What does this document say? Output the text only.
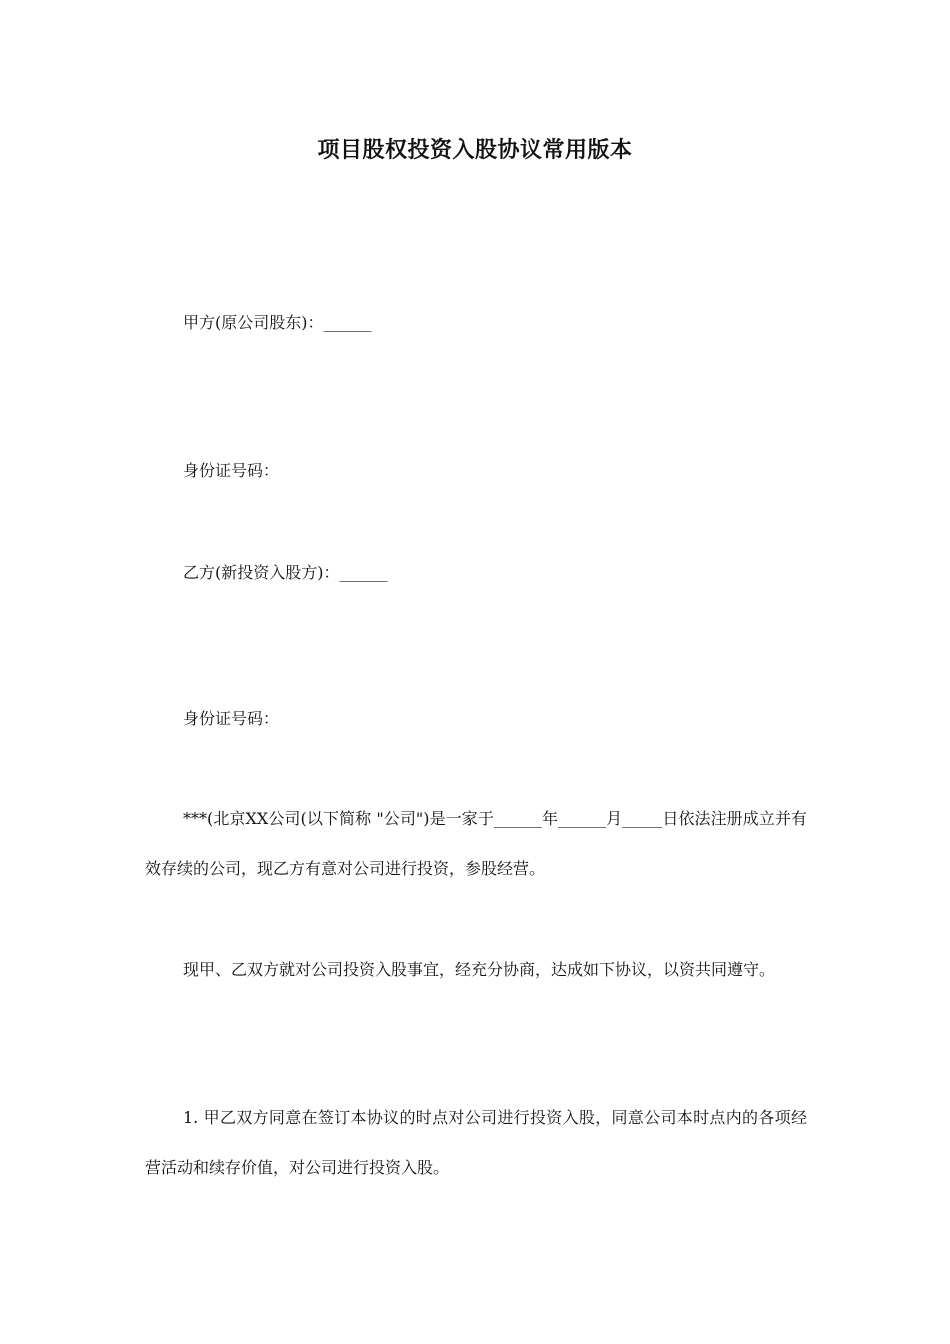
项目股权投资入股协议常用版本
甲方(原公司股东)：______
身份证号码：
乙方(新投资入股方)：______
身份证号码：
***(北京XX公司(以下简称 "公司")是一家于______年______月_____日依法注册成立并有效存续的公司，现乙方有意对公司进行投资，参股经营。
现甲、乙双方就对公司投资入股事宜，经充分协商，达成如下协议，以资共同遵守。
1. 甲乙双方同意在签订本协议的时点对公司进行投资入股，同意公司本时点内的各项经营活动和续存价值，对公司进行投资入股。
